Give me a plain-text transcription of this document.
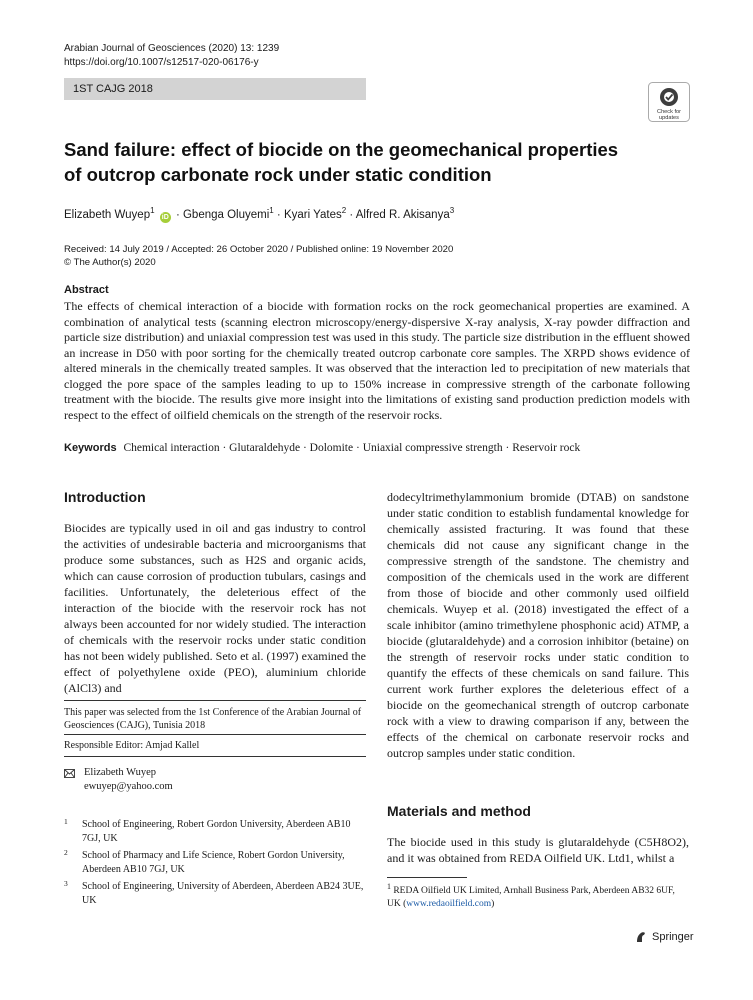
Arabian Journal of Geosciences (2020) 13: 1239
https://doi.org/10.1007/s12517-020-06176-y
1ST CAJG 2018
Check for
updates
Sand failure: effect of biocide on the geomechanical properties of outcrop carbonate rock under static condition
Elizabeth Wuyep$^1$ iD · Gbenga Oluyemi$^1$ · Kyari Yates$^2$ · Alfred R. Akisanya$^3$
Received: 14 July 2019 / Accepted: 26 October 2020 / Published online: 19 November 2020
© The Author(s) 2020
Abstract
The effects of chemical interaction of a biocide with formation rocks on the rock geomechanical properties are examined. A combination of analytical tests (scanning electron microscopy/energy-dispersive X-ray analysis, X-ray powder diffraction and particle size distribution) and uniaxial compression test was used in this study. The particle size distribution in the effluent showed an increase in D50 with poor sorting for the chemically treated outcrop carbonate core samples. The XRPD shows evidence of altered minerals in the chemically treated samples. It was observed that the interaction led to precipitation of new materials that clogged the pore space of the samples leading to up to 150% increase in compressive strength of the carbonate following treatment with the biocide. The results give more insight into the limitations of existing sand production prediction models with respect to the effect of oilfield chemicals on the strength of the reservoir rocks.
Keywords Chemical interaction · Glutaraldehyde · Dolomite · Uniaxial compressive strength · Reservoir rock
Introduction
Biocides are typically used in oil and gas industry to control the activities of undesirable bacteria and microorganisms that produce some substances, such as H2S and organic acids, which can cause corrosion of production tubulars, casings and facilities. Unfortunately, the deleterious effect of the interaction of the biocide with the reservoir rock has not always been accounted for nor widely studied. The interaction of chemicals with the reservoir rocks under static condition has not been widely published. Seto et al. (1997) examined the effect of polyethylene oxide (PEO), aluminium chloride (AlCl3) and
This paper was selected from the 1st Conference of the Arabian Journal of Geosciences (CAJG), Tunisia 2018
Responsible Editor: Amjad Kallel
Elizabeth Wuyep
ewuyep@yahoo.com
1	School of Engineering, Robert Gordon University, Aberdeen AB10 7GJ, UK
2	School of Pharmacy and Life Science, Robert Gordon University, Aberdeen AB10 7GJ, UK
3	School of Engineering, University of Aberdeen, Aberdeen AB24 3UE, UK
dodecyltrimethylammonium bromide (DTAB) on sandstone under static condition to establish fundamental knowledge for chemically assisted fracturing. It was found that these chemicals did not cause any significant change in the compressive strength of the sandstone. The chemistry and composition of the chemicals used in the work are different from those of biocide and other commonly used oilfield chemicals. Wuyep et al. (2018) investigated the effect of a scale inhibitor (amino trimethylene phosphonic acid) ATMP, a biocide (glutaraldehyde) and a corrosion inhibitor (betaine) on the strength of reservoir rocks under static condition to quantify the effects of these chemicals on sand failure. This current work further explores the deleterious effect of a biocide on the geomechanical strength of outcrop carbonate rock with a view to drawing comparison if any, between the effects of the chemical on carbonate reservoir rocks and outcrop samples under static condition.
Materials and method
The biocide used in this study is glutaraldehyde (C5H8O2), and it was obtained from REDA Oilfield UK. Ltd1, whilst a
$^1$ REDA Oilfield UK Limited, Arnhall Business Park, Aberdeen AB32 6UF, UK (www.redaoilfield.com)
Springer
